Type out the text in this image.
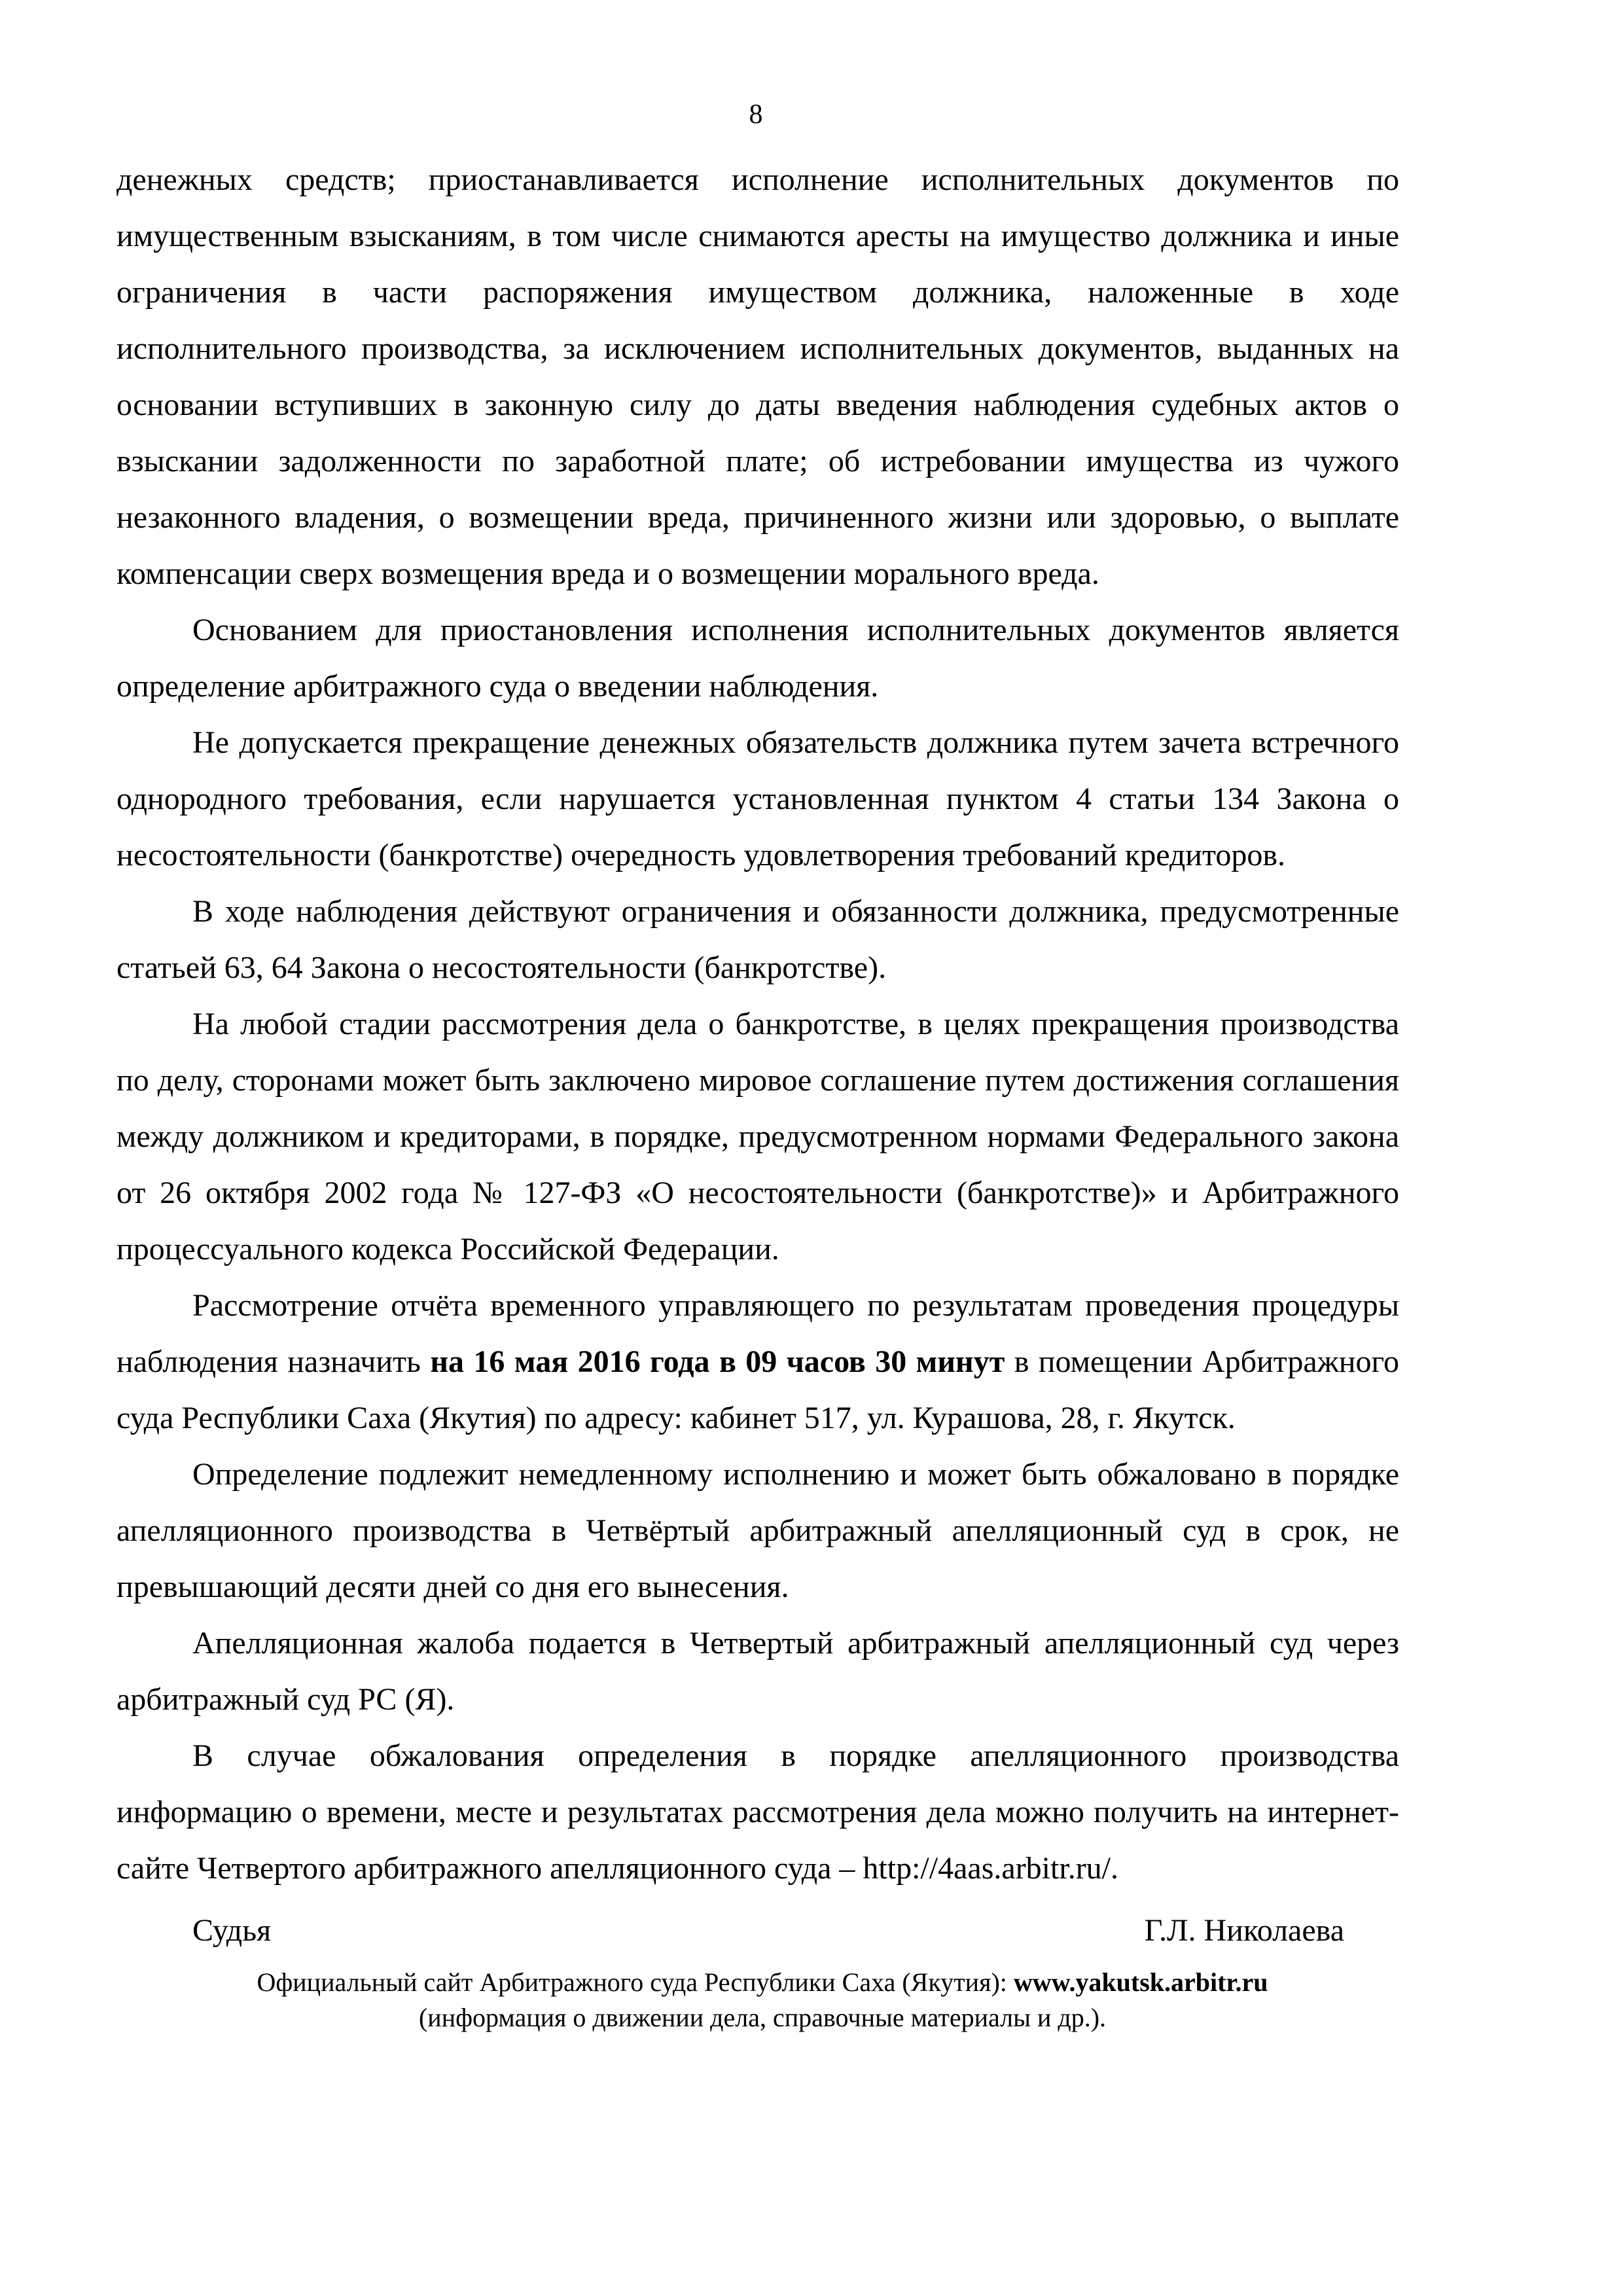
8

денежных средств; приостанавливается исполнение исполнительных документов по имущественным взысканиям, в том числе снимаются аресты на имущество должника и иные ограничения в части распоряжения имуществом должника, наложенные в ходе исполнительного производства, за исключением исполнительных документов, выданных на основании вступивших в законную силу до даты введения наблюдения судебных актов о взыскании задолженности по заработной плате; об истребовании имущества из чужого незаконного владения, о возмещении вреда, причиненного жизни или здоровью, о выплате компенсации сверх возмещения вреда и о возмещении морального вреда.

Основанием для приостановления исполнения исполнительных документов является определение арбитражного суда о введении наблюдения.

Не допускается прекращение денежных обязательств должника путем зачета встречного однородного требования, если нарушается установленная пунктом 4 статьи 134 Закона о несостоятельности (банкротстве) очередность удовлетворения требований кредиторов.

В ходе наблюдения действуют ограничения и обязанности должника, предусмотренные статьей 63, 64 Закона о несостоятельности (банкротстве).

На любой стадии рассмотрения дела о банкротстве, в целях прекращения производства по делу, сторонами может быть заключено мировое соглашение путем достижения соглашения между должником и кредиторами, в порядке, предусмотренном нормами Федерального закона от 26 октября 2002 года № 127-ФЗ «О несостоятельности (банкротстве)» и Арбитражного процессуального кодекса Российской Федерации.

Рассмотрение отчёта временного управляющего по результатам проведения процедуры наблюдения назначить на 16 мая 2016 года в 09 часов 30 минут в помещении Арбитражного суда Республики Саха (Якутия) по адресу: кабинет 517, ул. Курашова, 28, г. Якутск.

Определение подлежит немедленному исполнению и может быть обжаловано в порядке апелляционного производства в Четвёртый арбитражный апелляционный суд в срок, не превышающий десяти дней со дня его вынесения.

Апелляционная жалоба подается в Четвертый арбитражный апелляционный суд через арбитражный суд РС (Я).

В случае обжалования определения в порядке апелляционного производства информацию о времени, месте и результатах рассмотрения дела можно получить на интернет-сайте Четвертого арбитражного апелляционного суда – http://4aas.arbitr.ru/.

Судья	Г.Л. Николаева
Официальный сайт Арбитражного суда Республики Саха (Якутия): www.yakutsk.arbitr.ru
(информация о движении дела, справочные материалы и др.).
